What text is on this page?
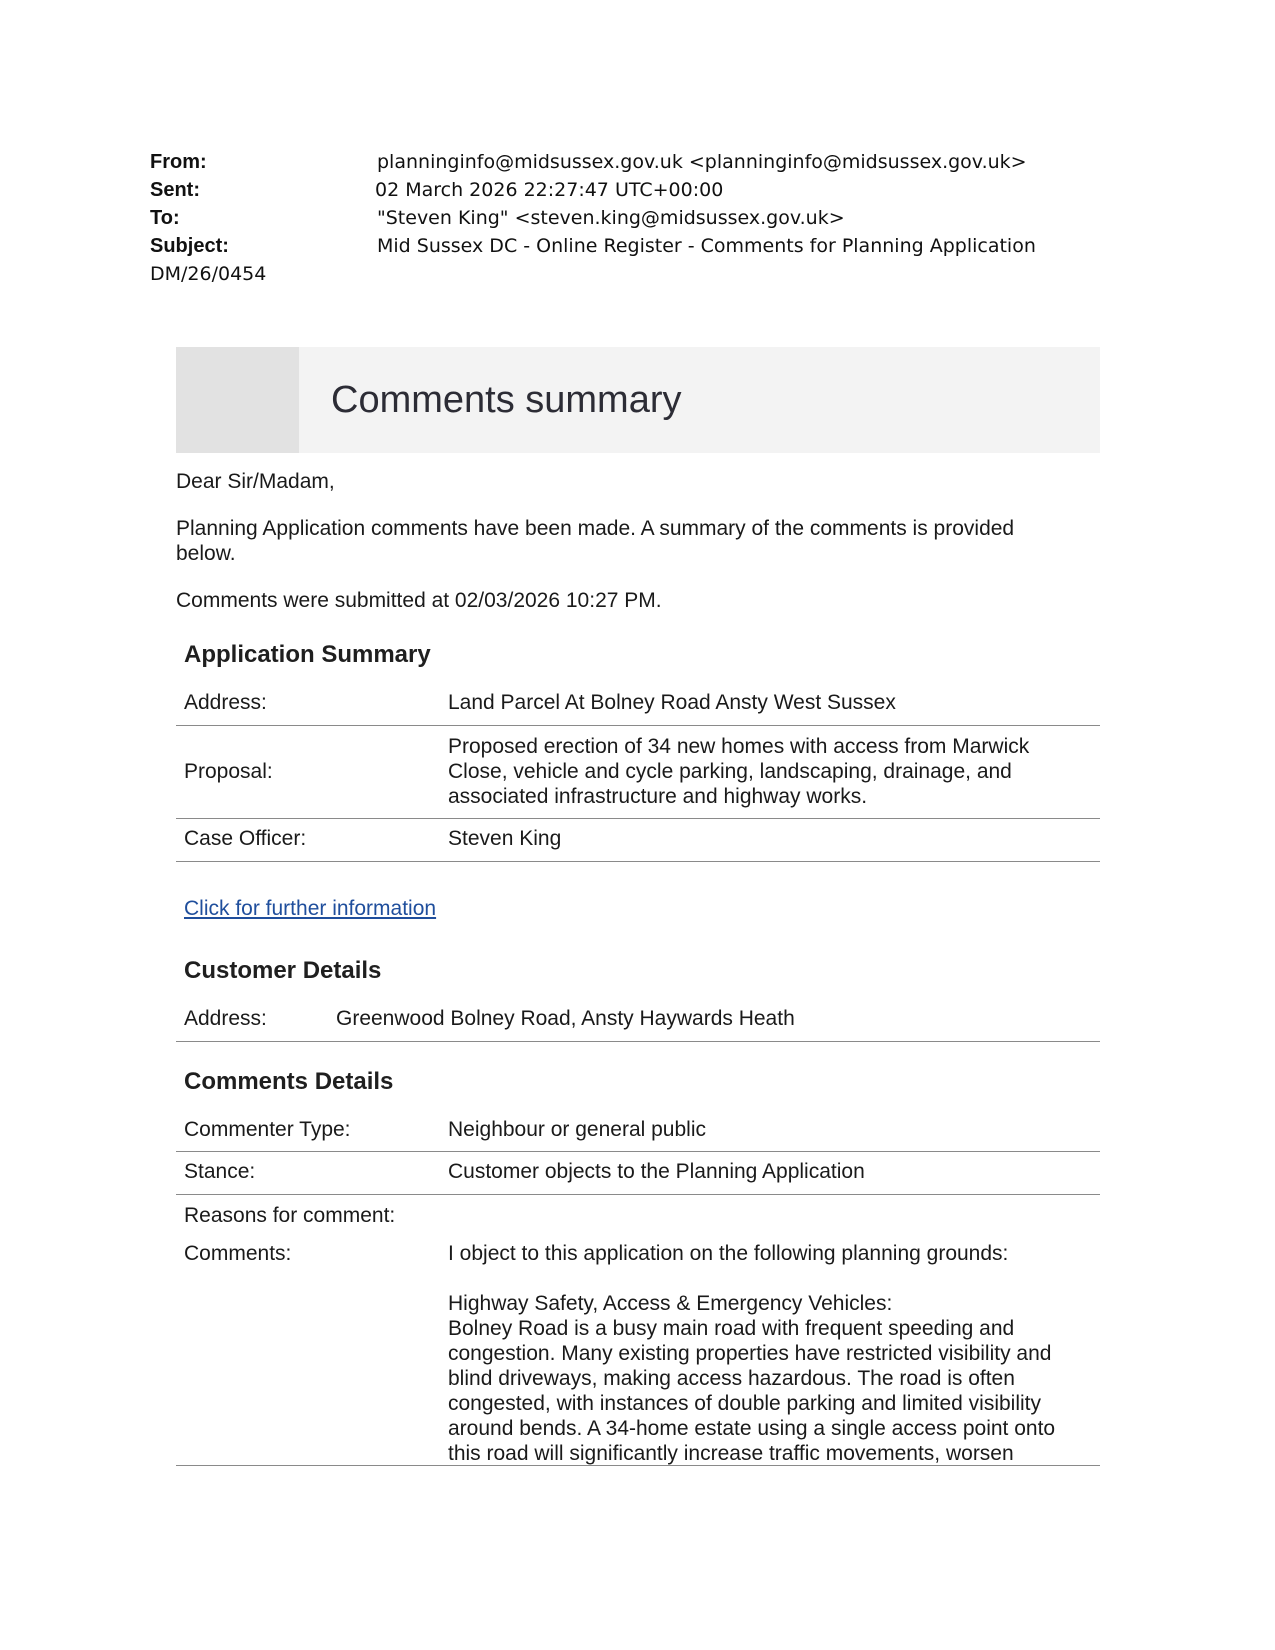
From:	planninginfo@midsussex.gov.uk <planninginfo@midsussex.gov.uk>
Sent:	02 March 2026 22:27:47 UTC+00:00
To:	"Steven King" <steven.king@midsussex.gov.uk>
Subject:	Mid Sussex DC - Online Register - Comments for Planning Application
DM/26/0454
Comments summary
Dear Sir/Madam,
Planning Application comments have been made. A summary of the comments is provided below.
Comments were submitted at 02/03/2026 10:27 PM.
Application Summary
Address:	Land Parcel At Bolney Road Ansty West Sussex
Proposal:
Proposed erection of 34 new homes with access from Marwick Close, vehicle and cycle parking, landscaping, drainage, and associated infrastructure and highway works.
Case Officer:	Steven King
Click for further information
Customer Details
Address:	Greenwood Bolney Road, Ansty Haywards Heath
Comments Details
Commenter Type:	Neighbour or general public
Stance:	Customer objects to the Planning Application
Reasons for comment:
Comments:	I object to this application on the following planning grounds:
Highway Safety, Access & Emergency Vehicles:
Bolney Road is a busy main road with frequent speeding and congestion. Many existing properties have restricted visibility and blind driveways, making access hazardous. The road is often congested, with instances of double parking and limited visibility around bends. A 34-home estate using a single access point onto this road will significantly increase traffic movements, worsen
